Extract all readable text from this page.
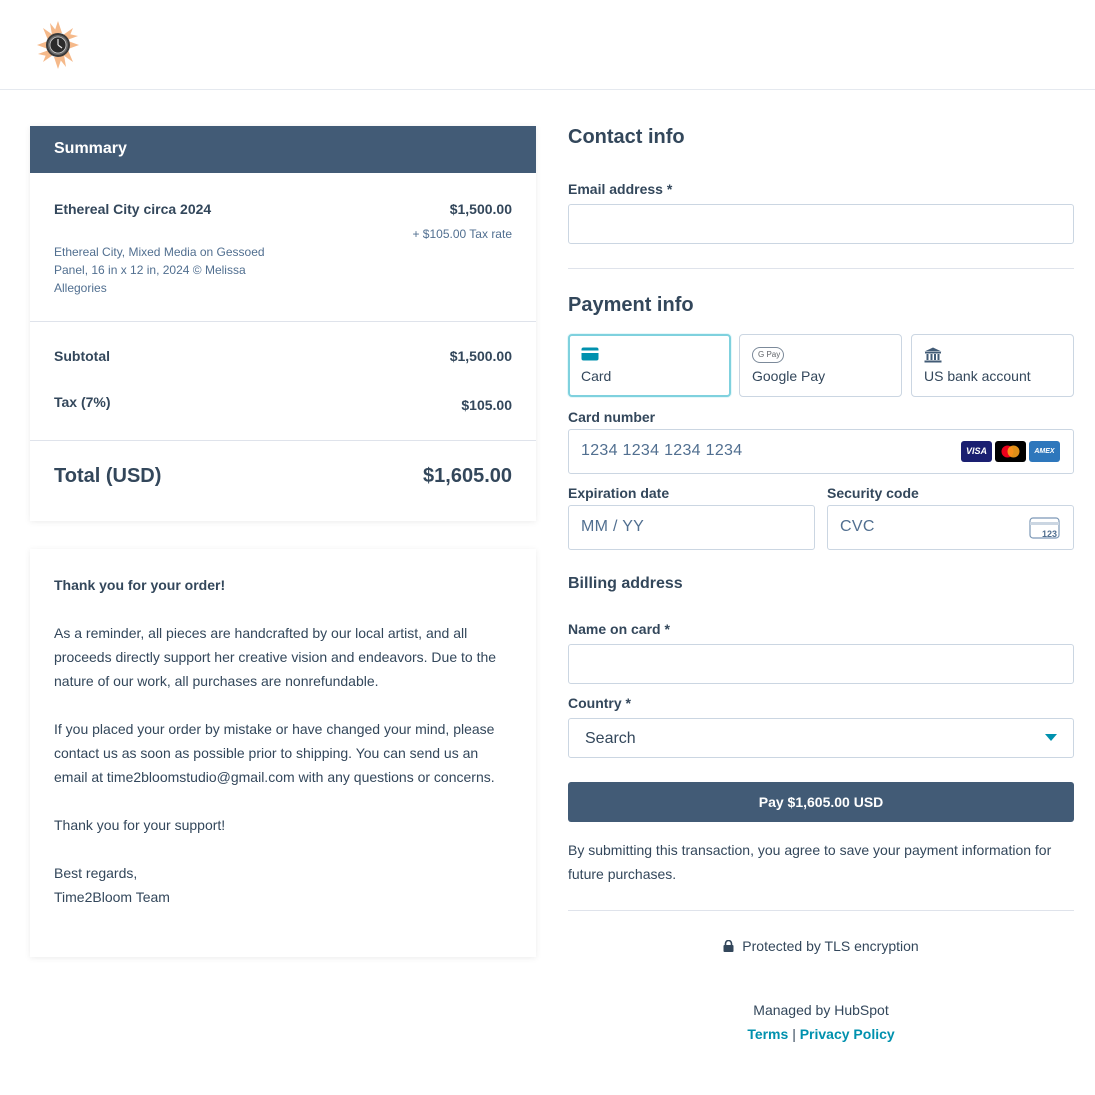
Summary
Ethereal City circa 2024	$1,500.00
+ $105.00 Tax rate
Ethereal City, Mixed Media on Gessoed Panel, 16 in x 12 in, 2024 © Melissa Allegories
Subtotal	$1,500.00
Tax (7%)	$105.00
Total (USD)	$1,605.00

Thank you for your order!

As a reminder, all pieces are handcrafted by our local artist, and all proceeds directly support her creative vision and endeavors. Due to the nature of our work, all purchases are nonrefundable.

If you placed your order by mistake or have changed your mind, please contact us as soon as possible prior to shipping. You can send us an email at time2bloomstudio@gmail.com with any questions or concerns.

Thank you for your support!

Best regards,
Time2Bloom Team

Contact info
Email address *
Payment info
Card
G Pay
Google Pay	US bank account
Card number
1234 1234 1234 1234	VISA	AMEX
Expiration date
MM / YY
Security code
CVC	123
Billing address
Name on card *
Country *
Search
Pay $1,605.00 USD
By submitting this transaction, you agree to save your payment information for future purchases.
Protected by TLS encryption
Managed by HubSpot
Terms | Privacy Policy
